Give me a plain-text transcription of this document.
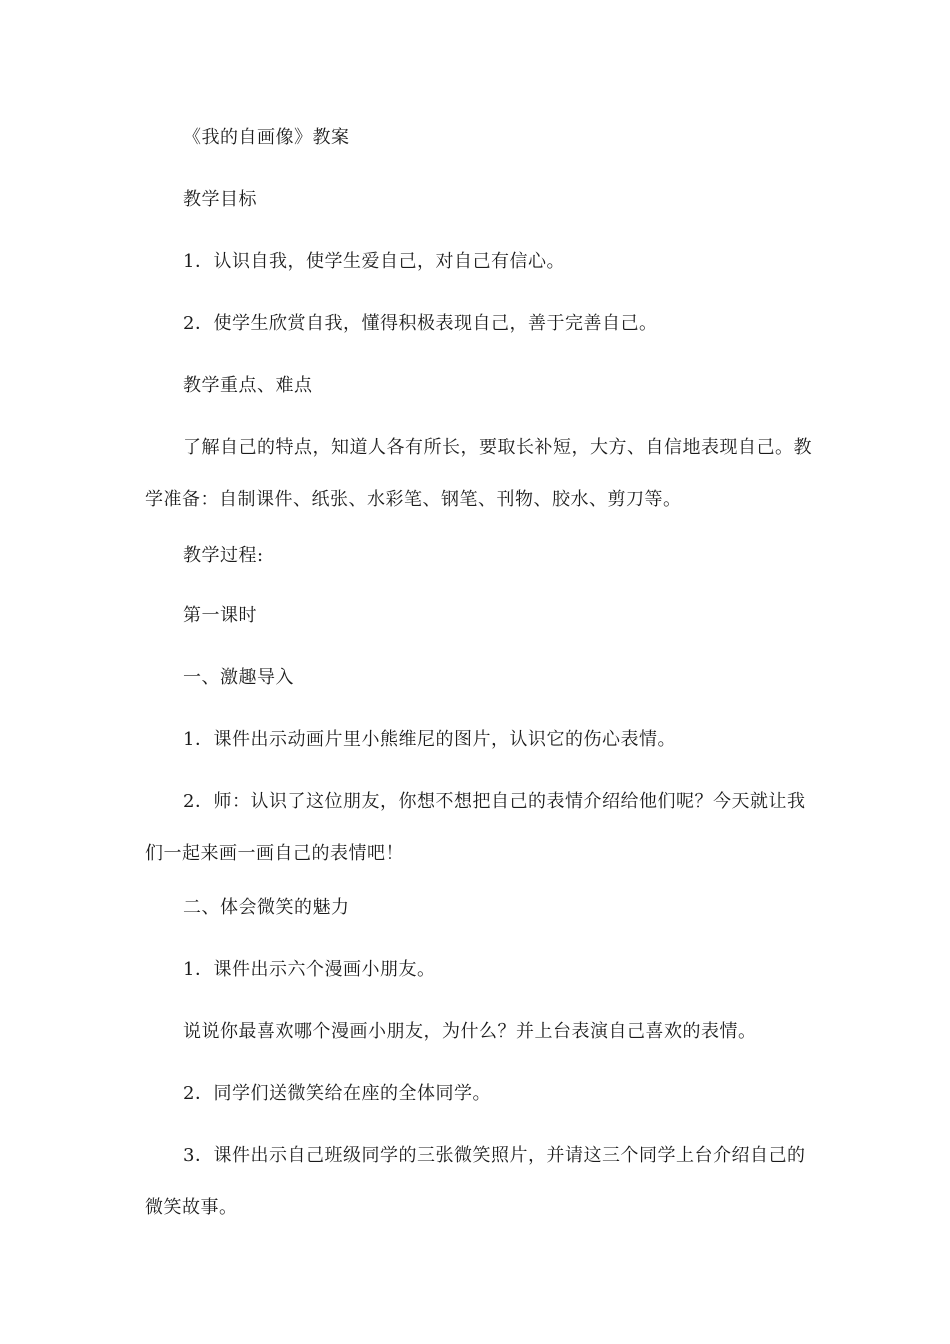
《我的自画像》教案
教学目标
1．认识自我，使学生爱自己，对自己有信心。
2．使学生欣赏自我，懂得积极表现自己，善于完善自己。
教学重点、难点
了解自己的特点，知道人各有所长，要取长补短，大方、自信地表现自己。教学准备：自制课件、纸张、水彩笔、钢笔、刊物、胶水、剪刀等。
教学过程:
第一课时
一、激趣导入
1．课件出示动画片里小熊维尼的图片，认识它的伤心表情。
2．师：认识了这位朋友，你想不想把自己的表情介绍给他们呢？今天就让我们一起来画一画自己的表情吧！
二、体会微笑的魅力
1．课件出示六个漫画小朋友。
说说你最喜欢哪个漫画小朋友，为什么？并上台表演自己喜欢的表情。
2．同学们送微笑给在座的全体同学。
3．课件出示自己班级同学的三张微笑照片，并请这三个同学上台介绍自己的微笑故事。
